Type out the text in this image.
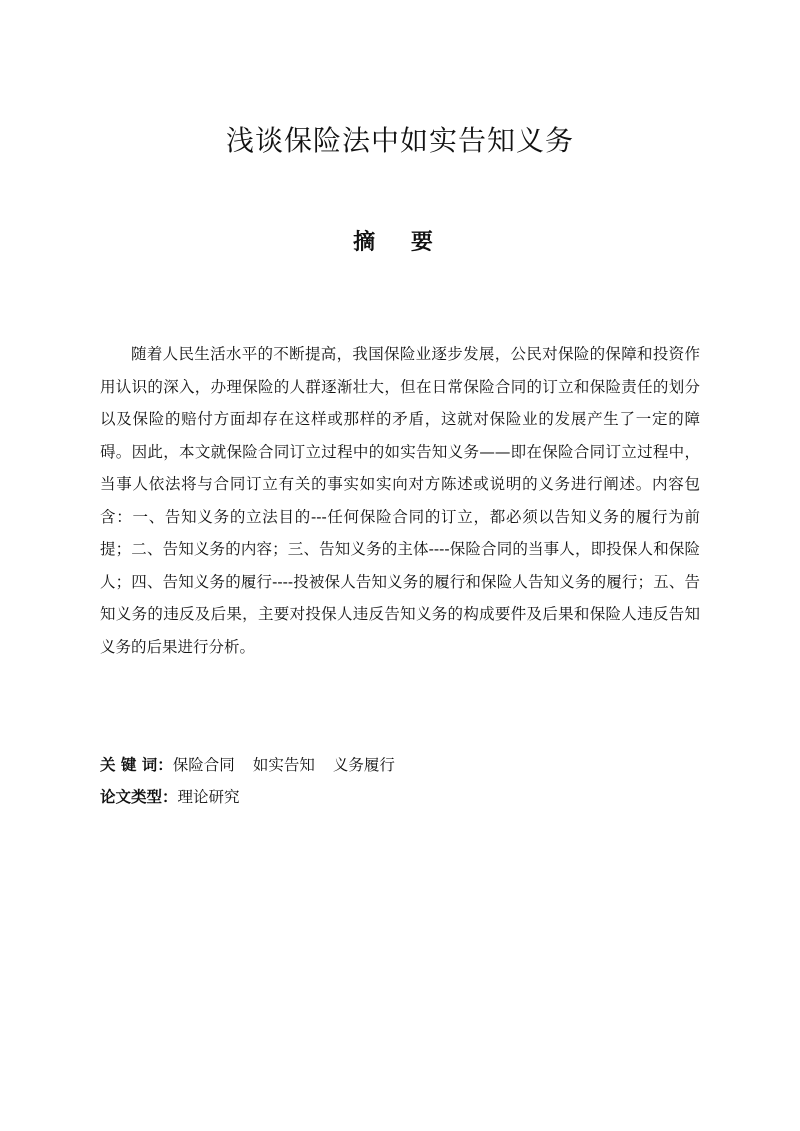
浅谈保险法中如实告知义务
摘 要

随着人民生活水平的不断提高，我国保险业逐步发展，公民对保险的保障和投资作用认识的深入，办理保险的人群逐渐壮大，但在日常保险合同的订立和保险责任的划分以及保险的赔付方面却存在这样或那样的矛盾，这就对保险业的发展产生了一定的障碍。因此，本文就保险合同订立过程中的如实告知义务——即在保险合同订立过程中，当事人依法将与合同订立有关的事实如实向对方陈述或说明的义务进行阐述。内容包含：一、告知义务的立法目的---任何保险合同的订立，都必须以告知义务的履行为前提；二、告知义务的内容；三、告知义务的主体----保险合同的当事人，即投保人和保险人；四、告知义务的履行----投被保人告知义务的履行和保险人告知义务的履行；五、告知义务的违反及后果，主要对投保人违反告知义务的构成要件及后果和保险人违反告知义务的后果进行分析。

关 键 词：保险合同 如实告知 义务履行
论文类型：理论研究
